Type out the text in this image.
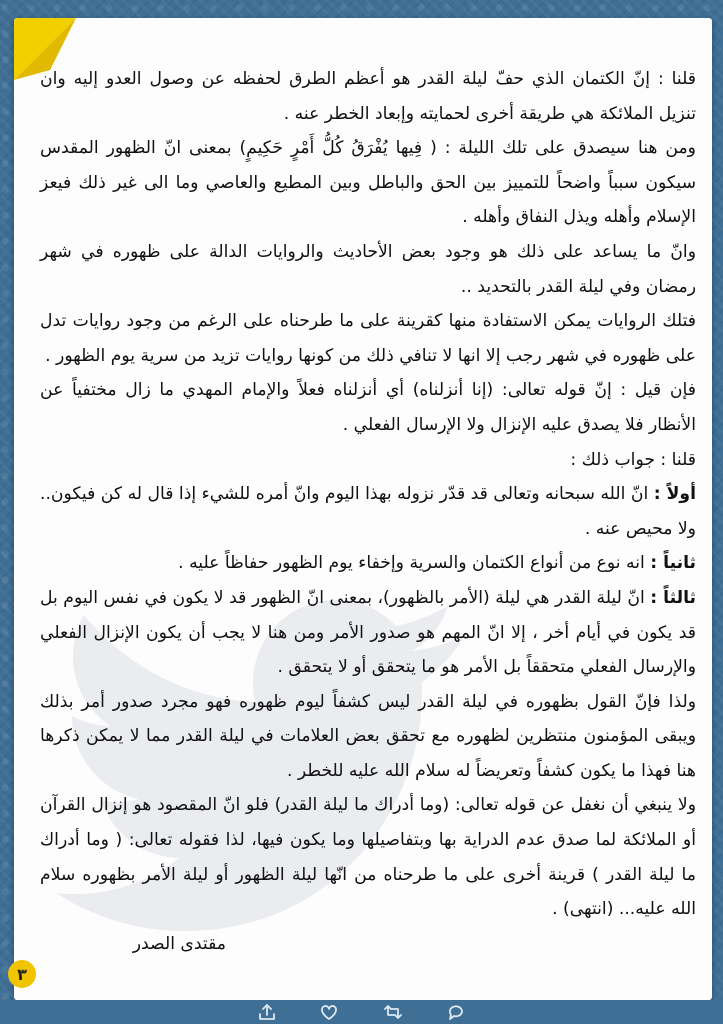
قلنا : إنّ الكتمان الذي حفّ ليلة القدر هو أعظم الطرق لحفظه عن وصول العدو إليه وان تنزيل الملائكة هي طريقة أخرى لحمايته وإبعاد الخطر عنه .

ومن هنا سيصدق على تلك الليلة : ( فِيها يُفْرَقُ كُلُّ أَمْرٍ حَكِيمٍ) بمعنى انّ الظهور المقدس سيكون سبباً واضحاً للتمييز بين الحق والباطل وبين المطيع والعاصي وما الى غير ذلك فيعز الإسلام وأهله ويذل النفاق وأهله .

وانّ ما يساعد على ذلك هو وجود بعض الأحاديث والروايات الدالة على ظهوره في شهر رمضان وفي ليلة القدر بالتحديد ..

فتلك الروايات يمكن الاستفادة منها كقرينة على ما طرحناه على الرغم من وجود روايات تدل على ظهوره في شهر رجب إلا انها لا تنافي ذلك من كونها روايات تزيد من سرية يوم الظهور .

فإن قيل : إنّ قوله تعالى: (إنا أنزلناه) أي أنزلناه فعلاً والإمام المهدي ما زال مختفياً عن الأنظار فلا يصدق عليه الإنزال ولا الإرسال الفعلي .

قلنا : جواب ذلك :

أولاً : انّ الله سبحانه وتعالى قد قدّر نزوله بهذا اليوم وانّ أمره للشيء إذا قال له كن فيكون.. ولا محيص عنه .

ثانياً : انه نوع من أنواع الكتمان والسرية وإخفاء يوم الظهور حفاظاً عليه .

ثالثاً : انّ ليلة القدر هي ليلة (الأمر بالظهور)، بمعنى انّ الظهور قد لا يكون في نفس اليوم بل قد يكون في أيام أخر ، إلا انّ المهم هو صدور الأمر ومن هنا لا يجب أن يكون الإنزال الفعلي والإرسال الفعلي متحققاً بل الأمر هو ما يتحقق أو لا يتحقق .

ولذا فإنّ القول بظهوره في ليلة القدر ليس كشفاً ليوم ظهوره فهو مجرد صدور أمر بذلك ويبقى المؤمنون منتظرين لظهوره مع تحقق بعض العلامات في ليلة القدر مما لا يمكن ذكرها هنا فهذا ما يكون كشفاً وتعريضاً له سلام الله عليه للخطر .

ولا ينبغي أن نغفل عن قوله تعالى: (وما أدراك ما ليلة القدر) فلو انّ المقصود هو إنزال القرآن أو الملائكة لما صدق عدم الدراية بها وبتفاصيلها وما يكون فيها، لذا فقوله تعالى: ( وما أدراك ما ليلة القدر ) قرينة أخرى على ما طرحناه من انّها ليلة الظهور أو ليلة الأمر بظهوره سلام الله عليه... (انتهى) .

مقتدى الصدر

٣
